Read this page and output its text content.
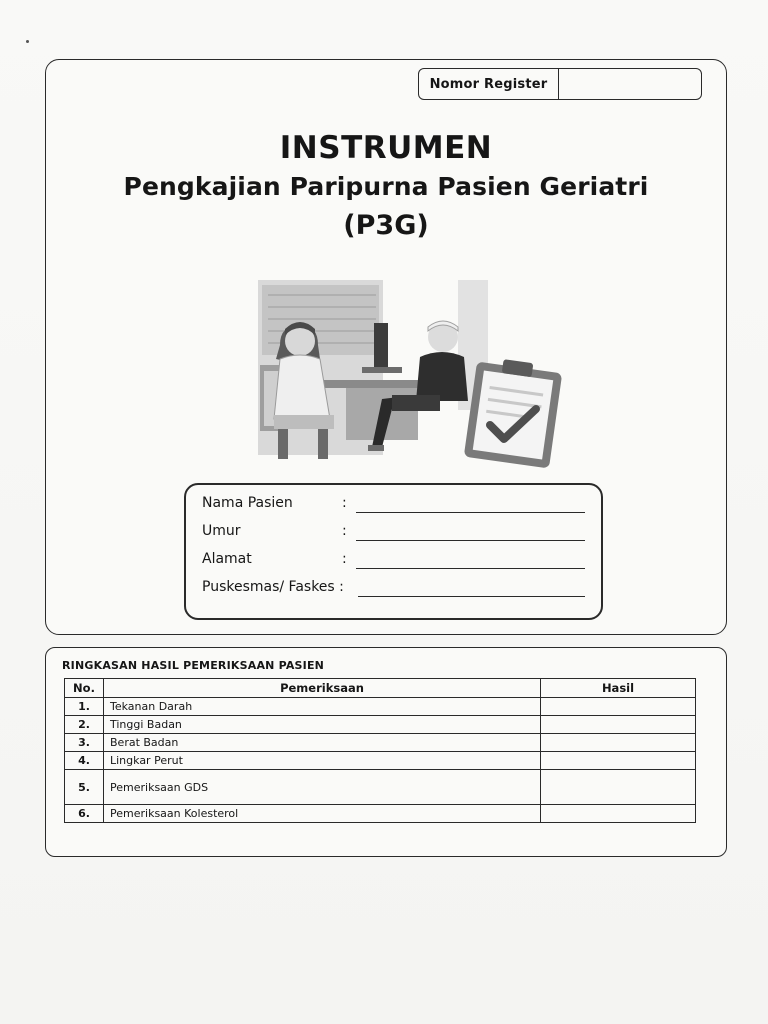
Nomor Register
INSTRUMEN
Pengkajian Paripurna Pasien Geriatri
(P3G)
Nama Pasien	:
Umur	:
Alamat	:
Puskesmas/ Faskes :
RINGKASAN HASIL PEMERIKSAAN PASIEN
No.	Pemeriksaan	Hasil
1.	Tekanan Darah	
2.	Tinggi Badan	
3.	Berat Badan	
4.	Lingkar Perut	
5.	Pemeriksaan GDS	
6.	Pemeriksaan Kolesterol	
